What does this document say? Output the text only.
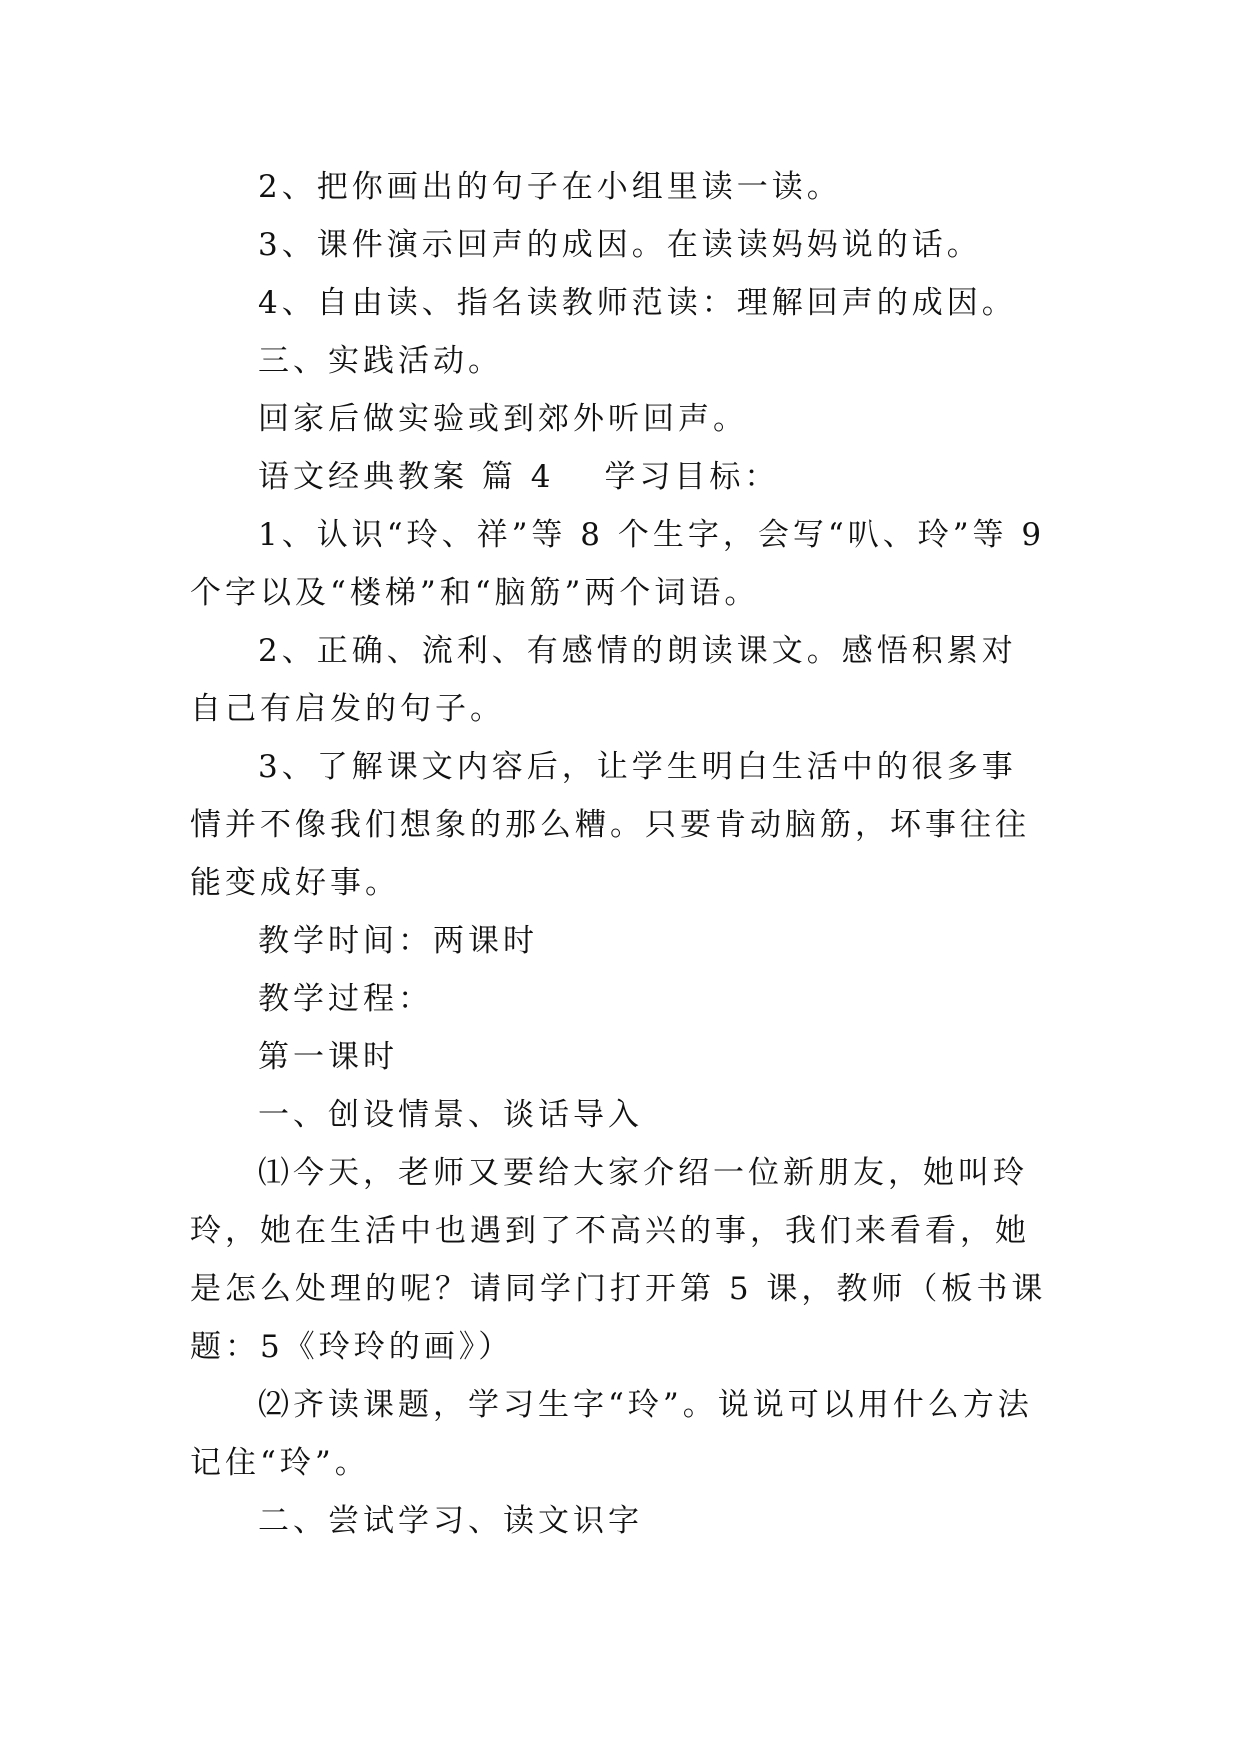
2、把你画出的句子在小组里读一读。

3、课件演示回声的成因。在读读妈妈说的话。

4、自由读、指名读教师范读：理解回声的成因。

三、实践活动。

回家后做实验或到郊外听回声。

语文经典教案 篇 4 学习目标：

1、认识“玲、祥”等 8 个生字，会写“叭、玲”等 9 个字以及“楼梯”和“脑筋”两个词语。

2、正确、流利、有感情的朗读课文。感悟积累对自己有启发的句子。

3、了解课文内容后，让学生明白生活中的很多事情并不像我们想象的那么糟。只要肯动脑筋，坏事往往能变成好事。

教学时间：两课时

教学过程：

第一课时

一、创设情景、谈话导入

⑴今天，老师又要给大家介绍一位新朋友，她叫玲玲，她在生活中也遇到了不高兴的事，我们来看看，她是怎么处理的呢？请同学门打开第 5 课，教师（板书课题：5《玲玲的画》）

⑵齐读课题，学习生字“玲”。说说可以用什么方法记住“玲”。

二、尝试学习、读文识字
